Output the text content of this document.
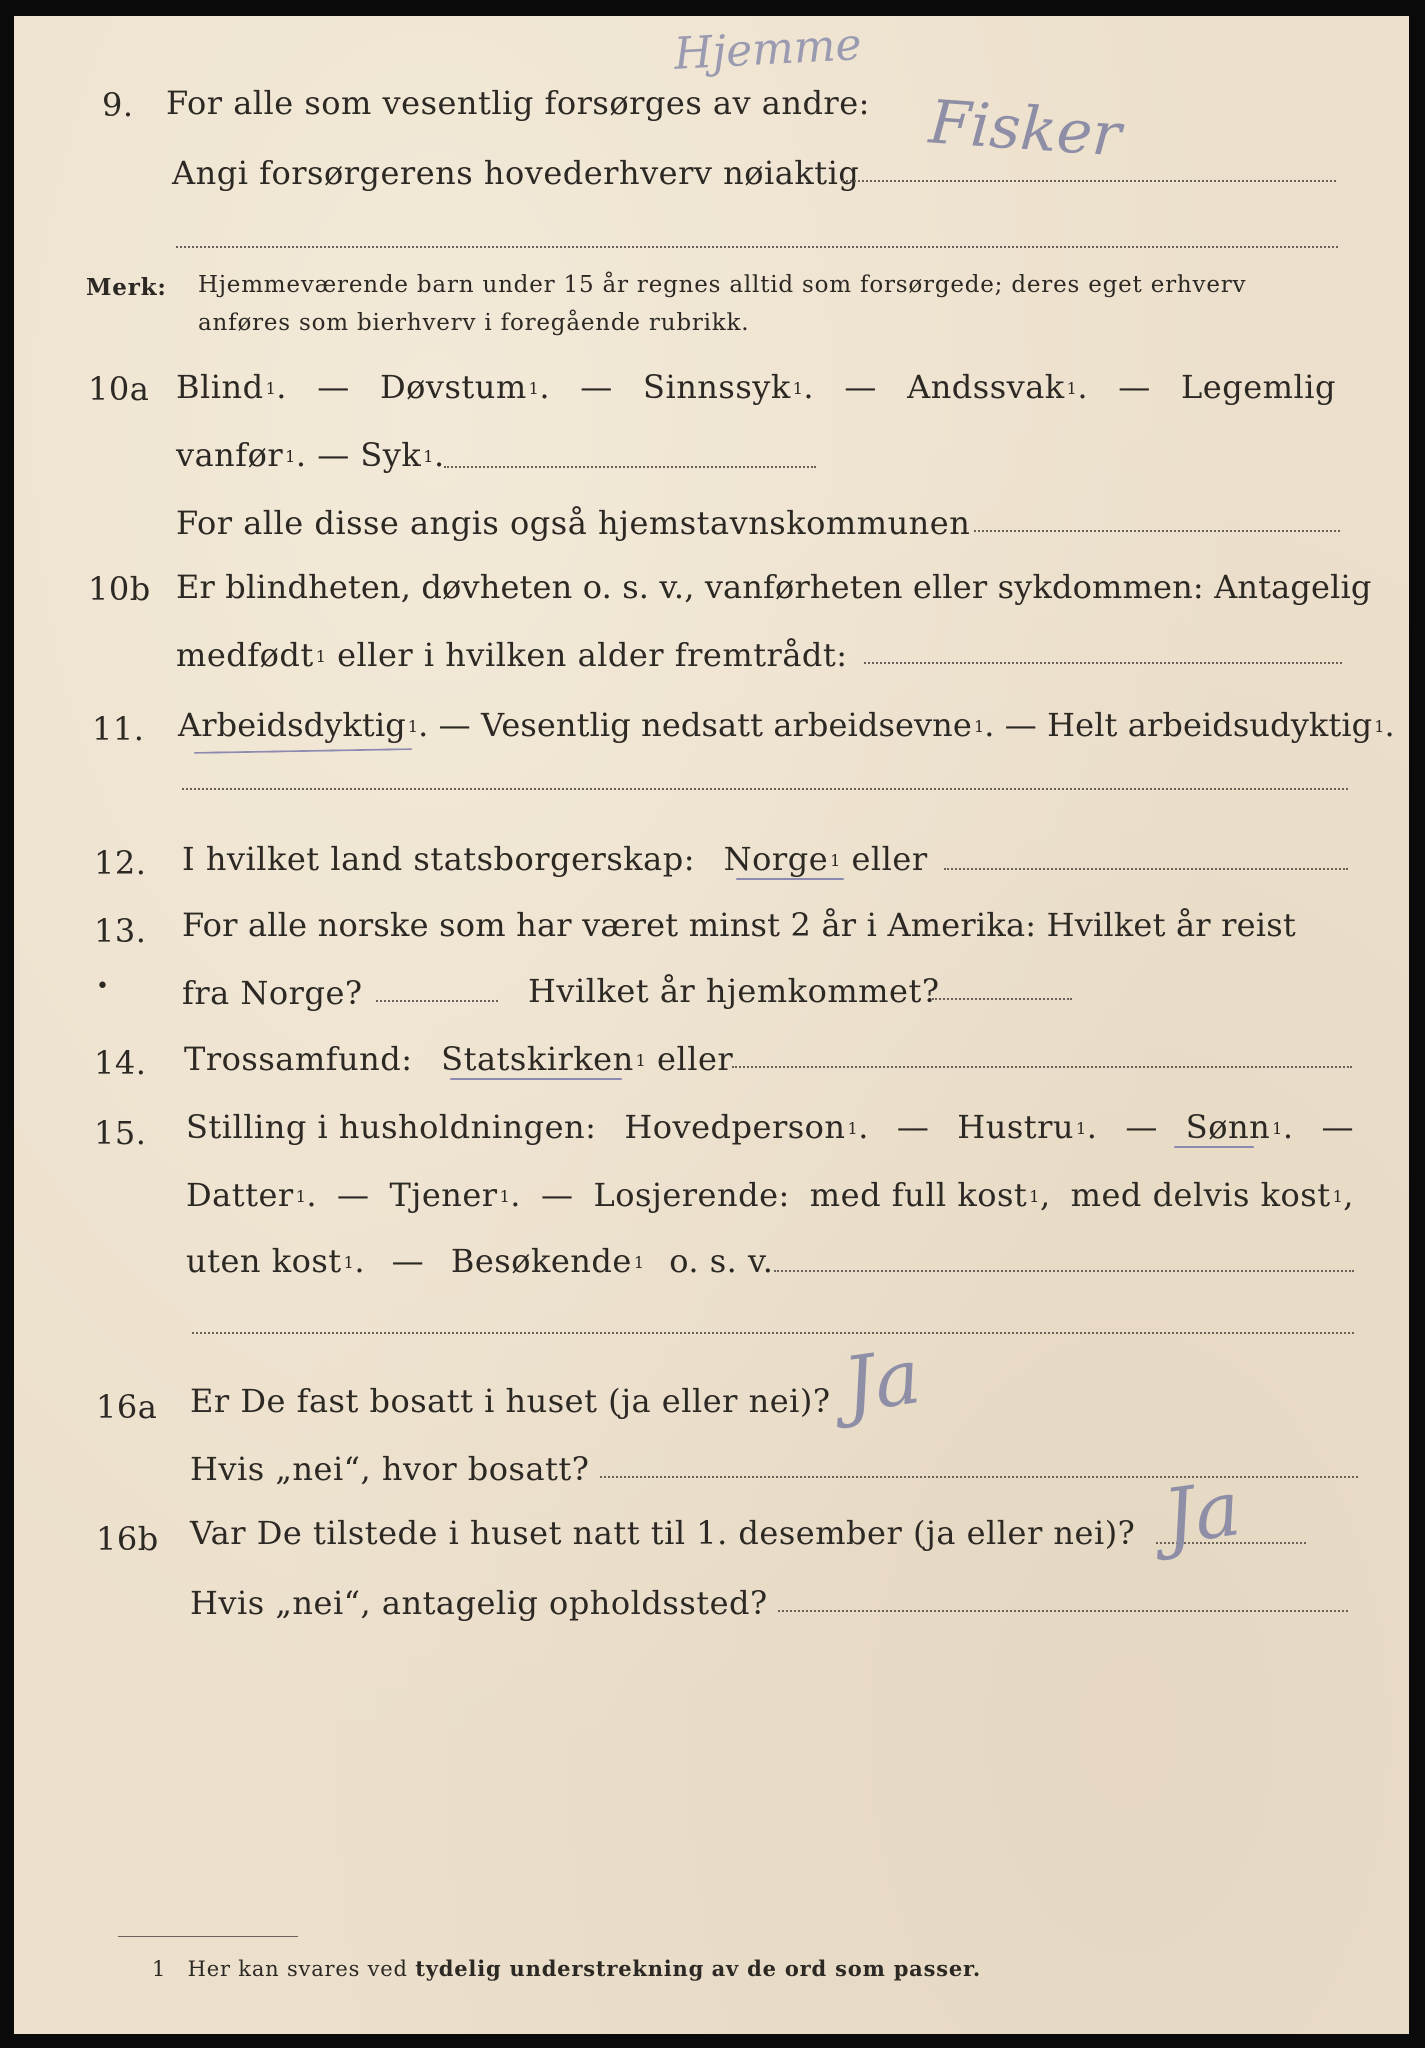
Hjemme
9. For alle som vesentlig forsørges av andre: Fisker
Angi forsørgerens hovederhverv nøiaktig
Merk: Hjemmeværende barn under 15 år regnes alltid som forsørgede; deres eget erhverv
anføres som bierhverv i foregående rubrikk.
10a Blind $^1$. — Døvstum $^1$. — Sinnssyk $^1$. — Andssvak $^1$. — Legemlig
vanfør $^1$. — Syk $^1$.
For alle disse angis også hjemstavnskommunen
10b Er blindheten, døvheten o. s. v., vanførheten eller sykdommen: Antagelig
medfødt $^1$ eller i hvilken alder fremtrådt:
11. Arbeidsdyktig $^1$. — Vesentlig nedsatt arbeidsevne $^1$. — Helt arbeidsudyktig $^1$.
12. I hvilket land statsborgerskap: Norge $^1$ eller
13. For alle norske som har været minst 2 år i Amerika: Hvilket år reist
• fra Norge?	Hvilket år hjemkommet?
14. Trossamfund: Statskirken $^1$ eller
15. Stilling i husholdningen: Hovedperson $^1$. — Hustru $^1$. — Sønn $^1$. —
Datter $^1$. — Tjener $^1$. — Losjerende: med full kost $^1$, med delvis kost $^1$,
uten kost $^1$. — Besøkende $^1$ o. s. v.
16a Er De fast bosatt i huset (ja eller nei)? Ja
Hvis „nei“, hvor bosatt?
16b Var De tilstede i huset natt til 1. desember (ja eller nei)? Ja
Hvis „nei“, antagelig opholdssted?
1 Her kan svares ved tydelig understrekning av de ord som passer.
